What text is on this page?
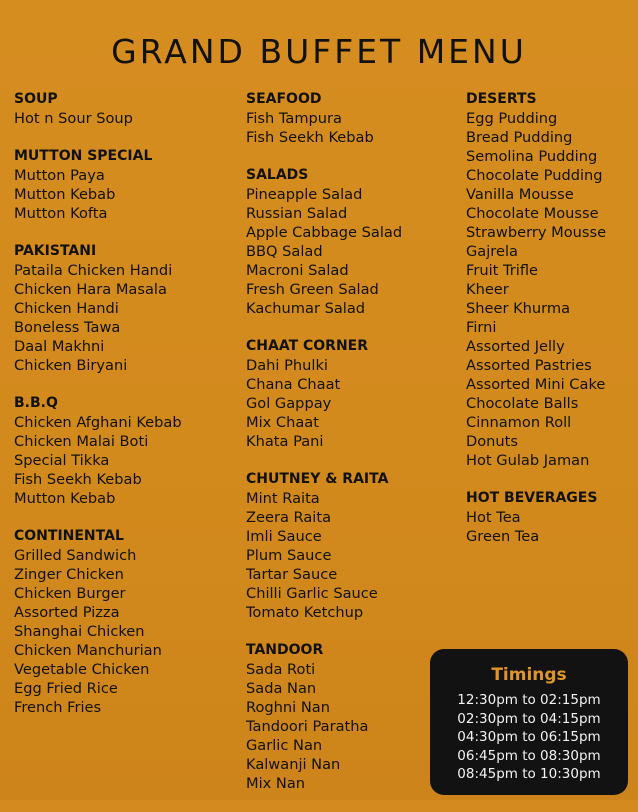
GRAND BUFFET MENU
SOUP
Hot n Sour Soup
MUTTON SPECIAL
Mutton Paya
Mutton Kebab
Mutton Kofta
PAKISTANI
Pataila Chicken Handi
Chicken Hara Masala
Chicken Handi
Boneless Tawa
Daal Makhni
Chicken Biryani
B.B.Q
Chicken Afghani Kebab
Chicken Malai Boti
Special Tikka
Fish Seekh Kebab
Mutton Kebab
CONTINENTAL
Grilled Sandwich
Zinger Chicken
Chicken Burger
Assorted Pizza
Shanghai Chicken
Chicken Manchurian
Vegetable Chicken
Egg Fried Rice
French Fries
SEAFOOD
Fish Tampura
Fish Seekh Kebab
SALADS
Pineapple Salad
Russian Salad
Apple Cabbage Salad
BBQ Salad
Macroni Salad
Fresh Green Salad
Kachumar Salad
CHAAT CORNER
Dahi Phulki
Chana Chaat
Gol Gappay
Mix Chaat
Khata Pani
CHUTNEY & RAITA
Mint Raita
Zeera Raita
Imli Sauce
Plum Sauce
Tartar Sauce
Chilli Garlic Sauce
Tomato Ketchup
TANDOOR
Sada Roti
Sada Nan
Roghni Nan
Tandoori Paratha
Garlic Nan
Kalwanji Nan
Mix Nan
DESERTS
Egg Pudding
Bread Pudding
Semolina Pudding
Chocolate Pudding
Vanilla Mousse
Chocolate Mousse
Strawberry Mousse
Gajrela
Fruit Trifle
Kheer
Sheer Khurma
Firni
Assorted Jelly
Assorted Pastries
Assorted Mini Cake
Chocolate Balls
Cinnamon Roll
Donuts
Hot Gulab Jaman
HOT BEVERAGES
Hot Tea
Green Tea
Timings
12:30pm to 02:15pm
02:30pm to 04:15pm
04:30pm to 06:15pm
06:45pm to 08:30pm
08:45pm to 10:30pm
